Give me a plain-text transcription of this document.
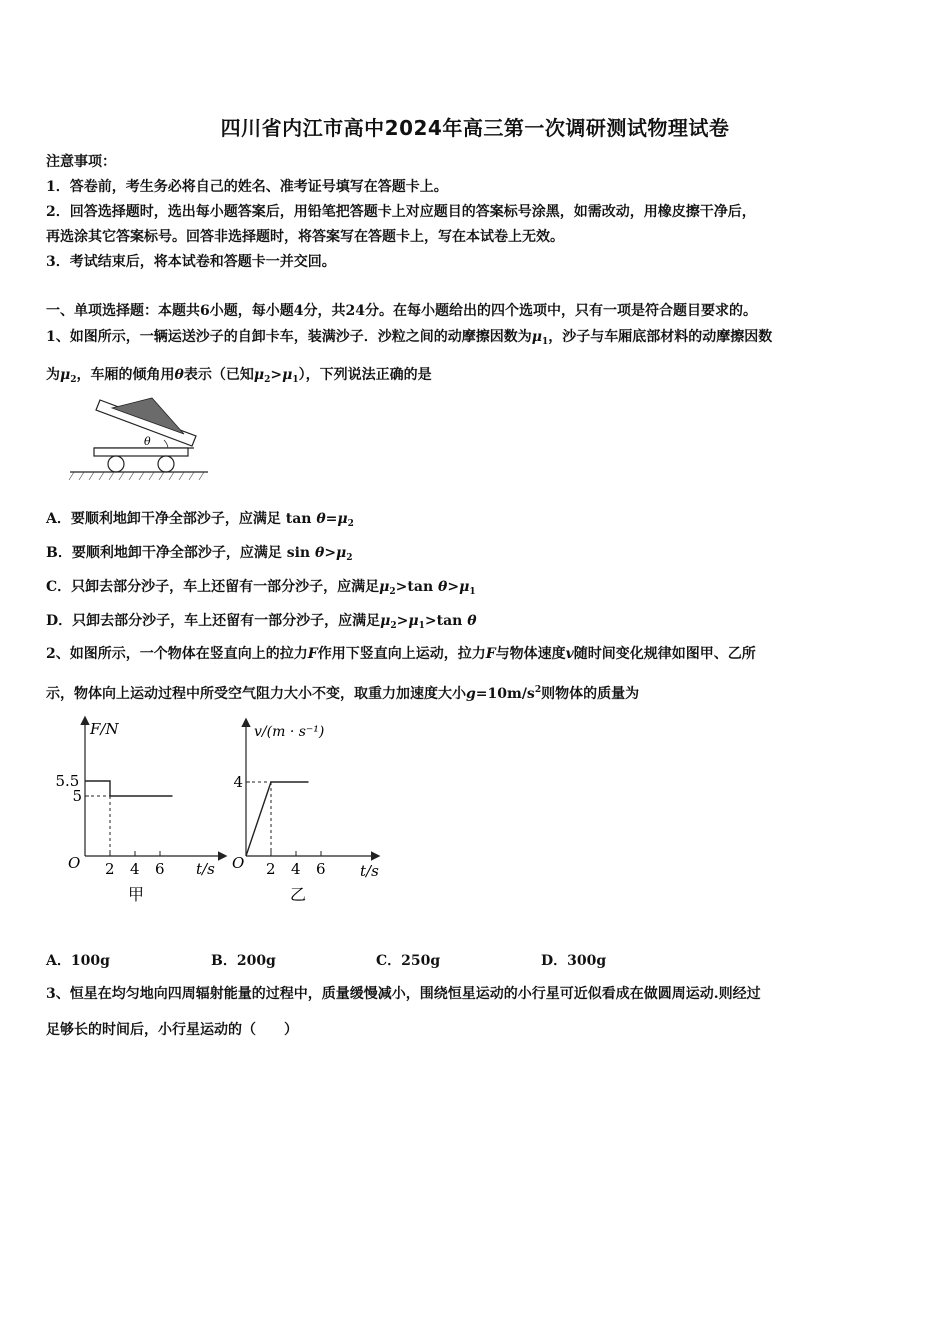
四川省内江市高中2024年高三第一次调研测试物理试卷
注意事项：
1．答卷前，考生务必将自己的姓名、准考证号填写在答题卡上。
2．回答选择题时，选出每小题答案后，用铅笔把答题卡上对应题目的答案标号涂黑，如需改动，用橡皮擦干净后，
再选涂其它答案标号。回答非选择题时，将答案写在答题卡上，写在本试卷上无效。
3．考试结束后，将本试卷和答题卡一并交回。
一、单项选择题：本题共6小题，每小题4分，共24分。在每小题给出的四个选项中，只有一项是符合题目要求的。
1、如图所示，一辆运送沙子的自卸卡车，装满沙子．沙粒之间的动摩擦因数为$\mu_1$，沙子与车厢底部材料的动摩擦因数
为$\mu_2$，车厢的倾角用θ表示（已知$\mu_2>\mu_1$），下列说法正确的是
θ
A．要顺利地卸干净全部沙子，应满足 $\tan \theta=\mu_2$
B．要顺利地卸干净全部沙子，应满足 $\sin \theta>\mu_2$
C．只卸去部分沙子，车上还留有一部分沙子，应满足$\mu_2>\tan$ $\theta>\mu_1$
D．只卸去部分沙子，车上还留有一部分沙子，应满足$\mu_2>\mu_1>\tan$ θ
2、如图所示，一个物体在竖直向上的拉力F作用下竖直向上运动，拉力F与物体速度v随时间变化规律如图甲、乙所
示，物体向上运动过程中所受空气阻力大小不变，取重力加速度大小$g=10m/s^2$则物体的质量为
F/N
t/s
O 2 4 6
5
5.5
甲
v/(m · s⁻¹)
t/s
O 2 4 6
4
乙
A．100g	B．200g	C．250g	D．300g
3、恒星在均匀地向四周辐射能量的过程中，质量缓慢减小，围绕恒星运动的小行星可近似看成在做圆周运动.则经过
足够长的时间后，小行星运动的（　　）
